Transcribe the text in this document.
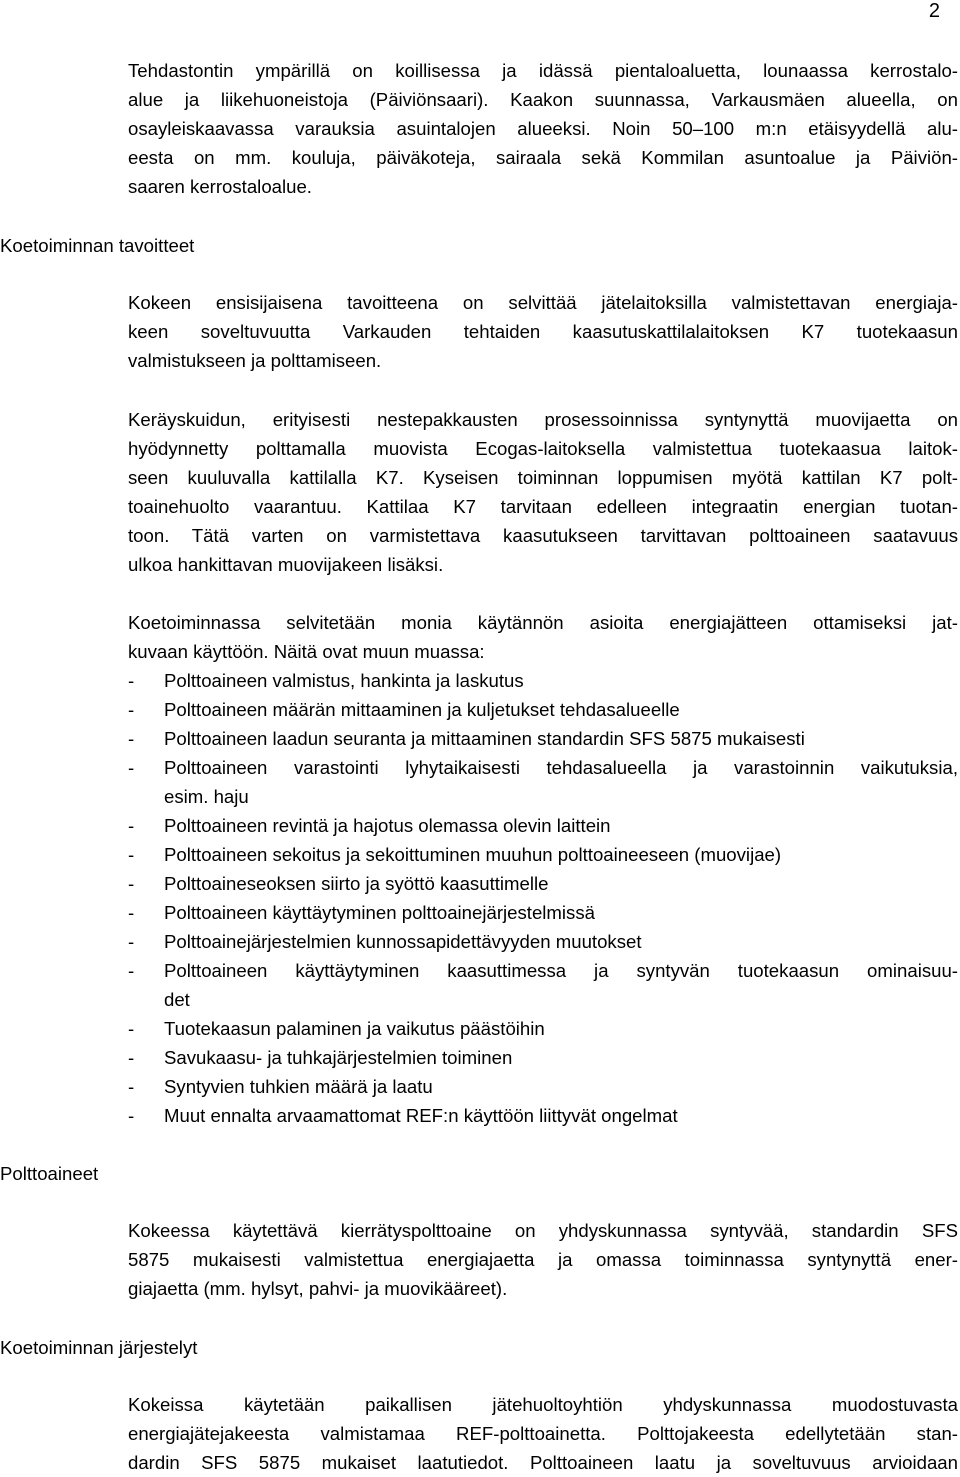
2
Tehdastontin ympärillä on koillisessa ja idässä pientaloaluetta, lounaassa kerrostalo-
alue ja liikehuoneistoja (Päiviönsaari). Kaakon suunnassa, Varkausmäen alueella, on
osayleiskaavassa varauksia asuintalojen alueeksi. Noin 50–100 m:n etäisyydellä alu-
eesta on mm. kouluja, päiväkoteja, sairaala sekä Kommilan asuntoalue ja Päiviön-
saaren kerrostaloalue.
Koetoiminnan tavoitteet
Kokeen ensisijaisena tavoitteena on selvittää jätelaitoksilla valmistettavan energiaja-
keen soveltuvuutta Varkauden tehtaiden kaasutuskattilalaitoksen K7 tuotekaasun
valmistukseen ja polttamiseen.
Keräyskuidun, erityisesti nestepakkausten prosessoinnissa syntynyttä muovijaetta on
hyödynnetty polttamalla muovista Ecogas-laitoksella valmistettua tuotekaasua laitok-
seen kuuluvalla kattilalla K7. Kyseisen toiminnan loppumisen myötä kattilan K7 polt-
toainehuolto vaarantuu. Kattilaa K7 tarvitaan edelleen integraatin energian tuotan-
toon. Tätä varten on varmistettava kaasutukseen tarvittavan polttoaineen saatavuus
ulkoa hankittavan muovijakeen lisäksi.
Koetoiminnassa selvitetään monia käytännön asioita energiajätteen ottamiseksi jat-
kuvaan käyttöön. Näitä ovat muun muassa:
- Polttoaineen valmistus, hankinta ja laskutus
- Polttoaineen määrän mittaaminen ja kuljetukset tehdasalueelle
- Polttoaineen laadun seuranta ja mittaaminen standardin SFS 5875 mukaisesti
- Polttoaineen varastointi lyhytaikaisesti tehdasalueella ja varastoinnin vaikutuksia,
esim. haju
- Polttoaineen revintä ja hajotus olemassa olevin laittein
- Polttoaineen sekoitus ja sekoittuminen muuhun polttoaineeseen (muovijae)
- Polttoaineseoksen siirto ja syöttö kaasuttimelle
- Polttoaineen käyttäytyminen polttoainejärjestelmissä
- Polttoainejärjestelmien kunnossapidettävyyden muutokset
- Polttoaineen käyttäytyminen kaasuttimessa ja syntyvän tuotekaasun ominaisuu-
det
- Tuotekaasun palaminen ja vaikutus päästöihin
- Savukaasu- ja tuhkajärjestelmien toiminen
- Syntyvien tuhkien määrä ja laatu
- Muut ennalta arvaamattomat REF:n käyttöön liittyvät ongelmat
Polttoaineet
Kokeessa käytettävä kierrätyspolttoaine on yhdyskunnassa syntyvää, standardin SFS
5875 mukaisesti valmistettua energiajaetta ja omassa toiminnassa syntynyttä ener-
giajaetta (mm. hylsyt, pahvi- ja muovikääreet).
Koetoiminnan järjestelyt
Kokeissa käytetään paikallisen jätehuoltoyhtiön yhdyskunnassa muodostuvasta
energiajätejakeesta valmistamaa REF-polttoainetta. Polttojakeesta edellytetään stan-
dardin SFS 5875 mukaiset laatutiedot. Polttoaineen laatu ja soveltuvuus arvioidaan
